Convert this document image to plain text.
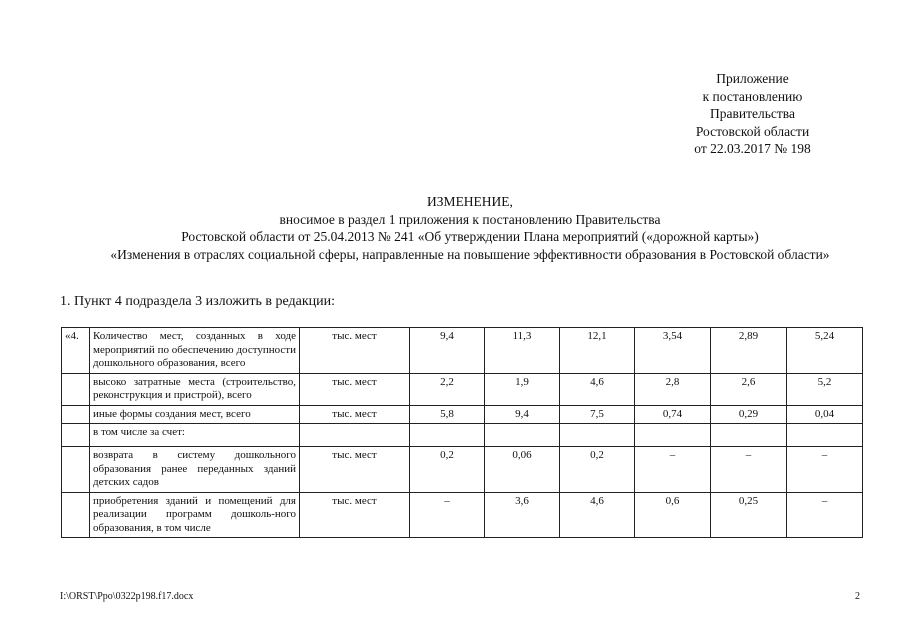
Приложение
к постановлению
Правительства
Ростовской области
от 22.03.2017 № 198
ИЗМЕНЕНИЕ,
вносимое в раздел 1 приложения к постановлению Правительства
Ростовской области от 25.04.2013 № 241 «Об утверждении Плана мероприятий («дорожной карты»)
«Изменения в отраслях социальной сферы, направленные на повышение эффективности образования в Ростовской области»
1. Пункт 4 подраздела 3 изложить в редакции:
«4.	Количество мест, созданных в ходе мероприятий по обеспечению доступности дошкольного образования, всего	тыс. мест	9,4	11,3	12,1	3,54	2,89	5,24
	высоко затратные места (строительство, реконструкция и пристрой), всего	тыс. мест	2,2	1,9	4,6	2,8	2,6	5,2
	иные формы создания мест, всего	тыс. мест	5,8	9,4	7,5	0,74	0,29	0,04
	в том числе за счет:							
	возврата в систему дошкольного образования ранее переданных зданий детских садов	тыс. мест	0,2	0,06	0,2	–	–	–
	приобретения зданий и помещений для реализации программ дошколь-ного образования, в том числе	тыс. мест	–	3,6	4,6	0,6	0,25	–
I:\ORST\Ppo\0322p198.f17.docx	2
